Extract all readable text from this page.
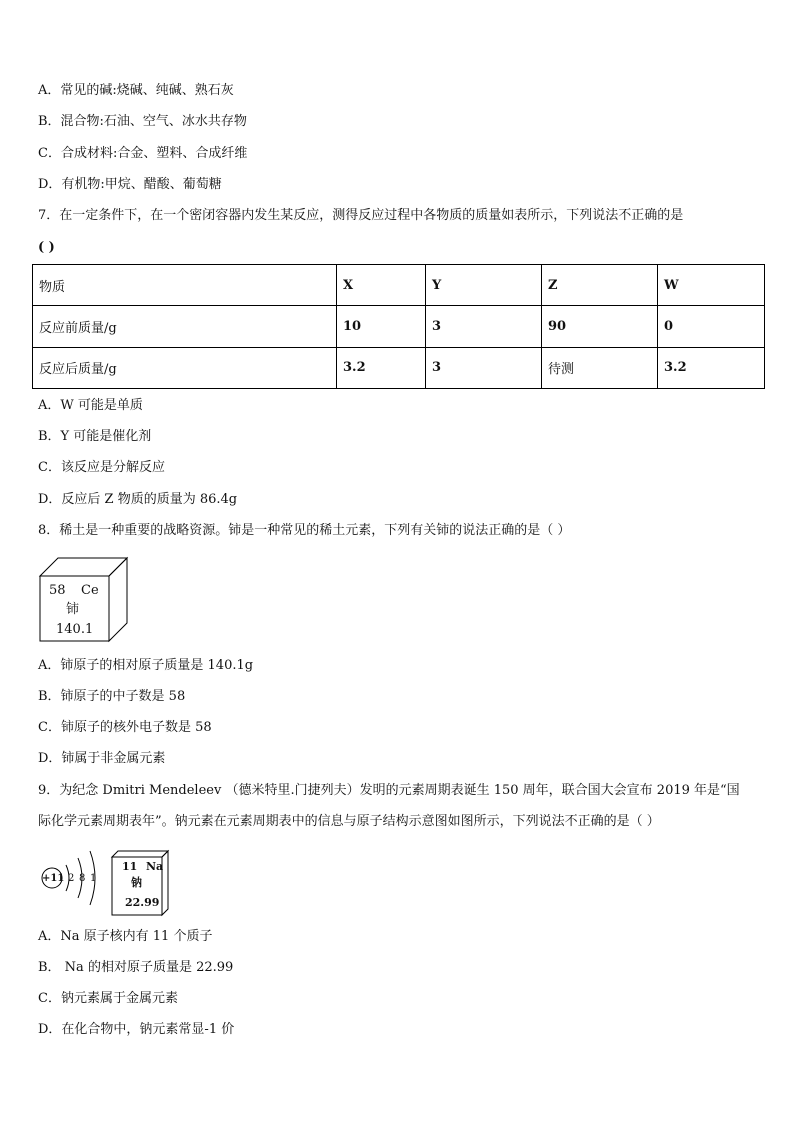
A．常见的碱:烧碱、纯碱、熟石灰
B．混合物:石油、空气、冰水共存物
C．合成材料:合金、塑料、合成纤维
D．有机物:甲烷、醋酸、葡萄糖
7．在一定条件下，在一个密闭容器内发生某反应，测得反应过程中各物质的质量如表所示，下列说法不正确的是
( )
物质	X	Y	Z	W
反应前质量/g	10	3	90	0
反应后质量/g	3.2	3	待测	3.2
A．W 可能是单质
B．Y 可能是催化剂
C．该反应是分解反应
D．反应后 Z 物质的质量为 86.4g
8．稀土是一种重要的战略资源。铈是一种常见的稀土元素，下列有关铈的说法正确的是（ ）
58 Ce
铈
140.1
A．铈原子的相对原子质量是 140.1g
B．铈原子的中子数是 58
C．铈原子的核外电子数是 58
D．铈属于非金属元素
9．为纪念 Dmitri Mendeleev （德米特里.门捷列夫）发明的元素周期表诞生 150 周年，联合国大会宣布 2019 年是“国
际化学元素周期表年”。钠元素在元素周期表中的信息与原子结构示意图如图所示，下列说法不正确的是（ ）
+11 2 8 1
11 Na
钠
22.99
A．Na 原子核内有 11 个质子
B． Na 的相对原子质量是 22.99
C．钠元素属于金属元素
D．在化合物中，钠元素常显-1 价
